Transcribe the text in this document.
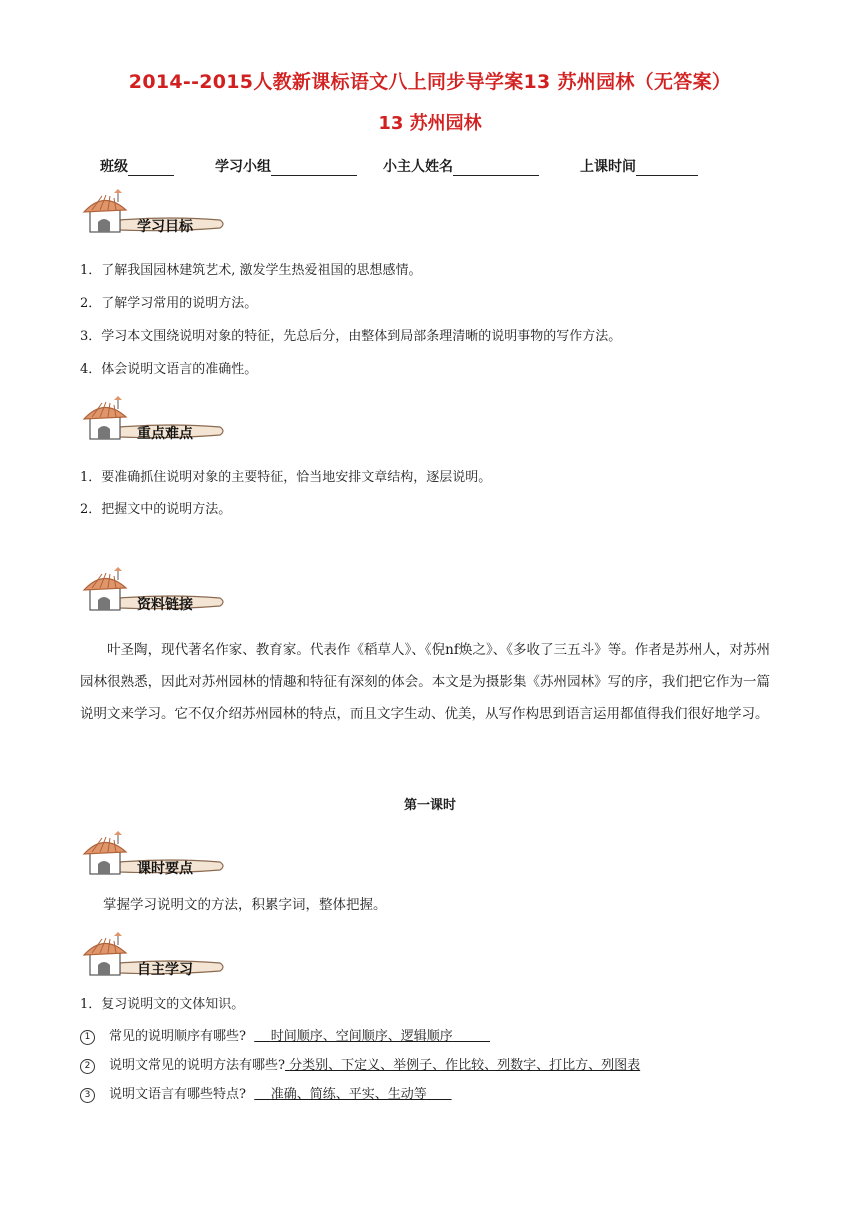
2014--2015人教新课标语文八上同步导学案13 苏州园林（无答案）
13 苏州园林
班级	学习小组	小主人姓名	上课时间
学习目标
1．了解我国园林建筑艺术, 激发学生热爱祖国的思想感情。
2．了解学习常用的说明方法。
3．学习本文围绕说明对象的特征，先总后分，由整体到局部条理清晰的说明事物的写作方法。
4．体会说明文语言的准确性。
重点难点
1．要准确抓住说明对象的主要特征，恰当地安排文章结构，逐层说明。
2．把握文中的说明方法。
资料链接

叶圣陶，现代著名作家、教育家。代表作《稻草人》、《倪nf焕之》、《多收了三五斗》等。作者是苏州人，对苏州园林很熟悉，因此对苏州园林的情趣和特征有深刻的体会。本文是为摄影集《苏州园林》写的序，我们把它作为一篇说明文来学习。它不仅介绍苏州园林的特点，而且文字生动、优美，从写作构思到语言运用都值得我们很好地学习。

第一课时
课时要点
掌握学习说明文的方法，积累字词，整体把握。
自主学习
1．复习说明文的文体知识。
1 常见的说明顺序有哪些? 时间顺序、空间顺序、逻辑顺序
2 说明文常见的说明方法有哪些? 分类别、下定义、举例子、作比较、列数字、打比方、列图表
3 说明文语言有哪些特点? 准确、简练、平实、生动等
